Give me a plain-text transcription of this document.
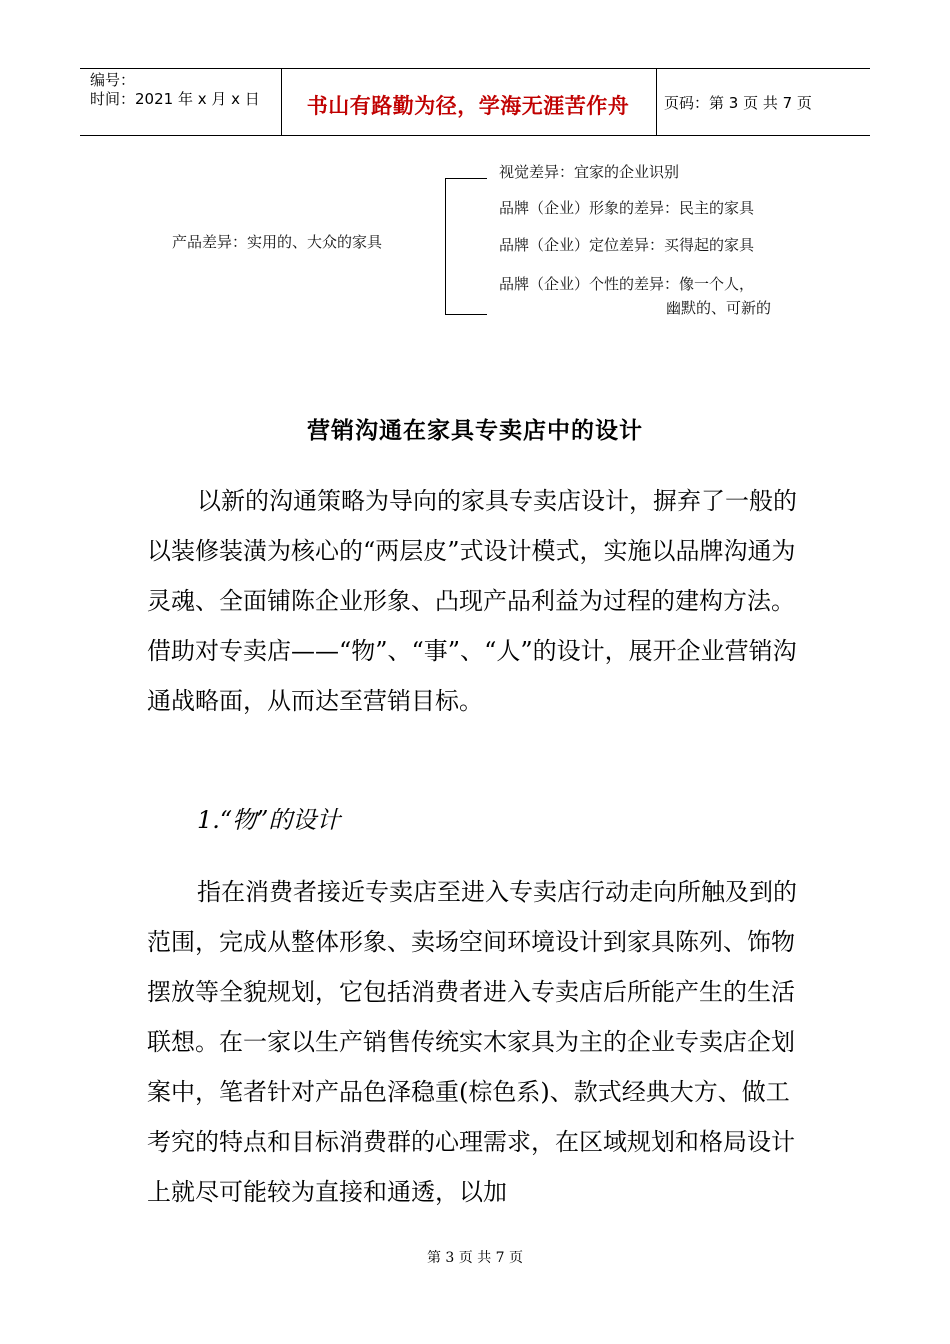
编号：
时间：2021 年 x 月 x 日	书山有路勤为径，学海无涯苦作舟	页码：第 3 页 共 7 页
产品差异：实用的、大众的家具
视觉差异：宜家的企业识别
品牌（企业）形象的差异：民主的家具
品牌（企业）定位差异：买得起的家具
品牌（企业）个性的差异：像一个人，
幽默的、可新的
营销沟通在家具专卖店中的设计

以新的沟通策略为导向的家具专卖店设计，摒弃了一般的以装修装潢为核心的“两层皮”式设计模式，实施以品牌沟通为灵魂、全面铺陈企业形象、凸现产品利益为过程的建构方法。借助对专卖店——“物”、“事”、“人”的设计，展开企业营销沟通战略面，从而达至营销目标。

1.“物”的设计

指在消费者接近专卖店至进入专卖店行动走向所触及到的范围，完成从整体形象、卖场空间环境设计到家具陈列、饰物摆放等全貌规划，它包括消费者进入专卖店后所能产生的生活联想。在一家以生产销售传统实木家具为主的企业专卖店企划案中，笔者针对产品色泽稳重(棕色系)、款式经典大方、做工考究的特点和目标消费群的心理需求，在区域规划和格局设计上就尽可能较为直接和通透，以加

第 3 页 共 7 页
